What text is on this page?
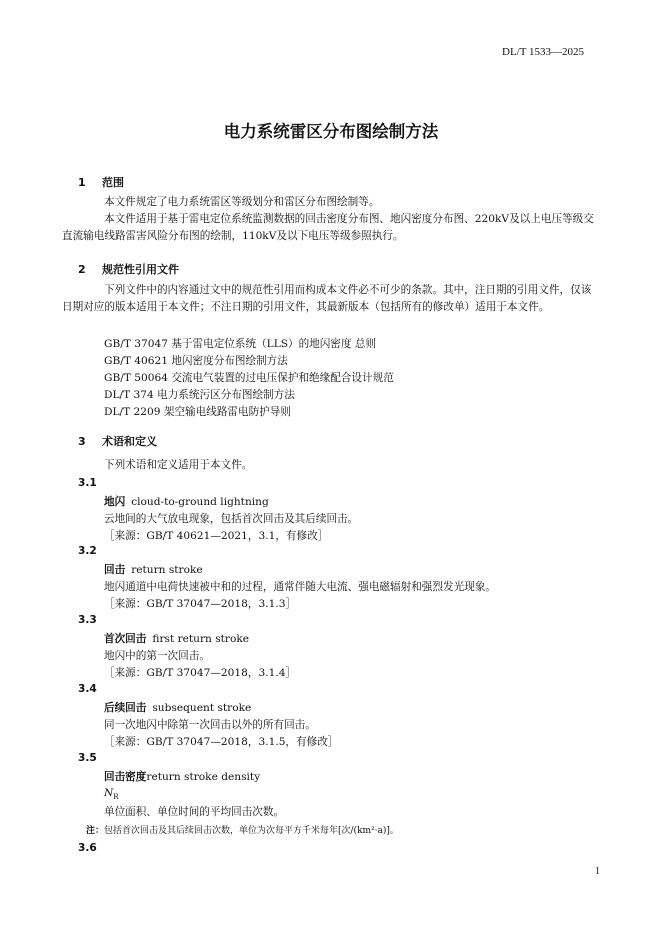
DL/T 1533—2025
电力系统雷区分布图绘制方法
1 范围
本文件规定了电力系统雷区等级划分和雷区分布图绘制等。
本文件适用于基于雷电定位系统监测数据的回击密度分布图、地闪密度分布图、220kV及以上电压等级交直流输电线路雷害风险分布图的绘制，110kV及以下电压等级参照执行。
2 规范性引用文件
下列文件中的内容通过文中的规范性引用而构成本文件必不可少的条款。其中，注日期的引用文件，仅该日期对应的版本适用于本文件；不注日期的引用文件，其最新版本（包括所有的修改单）适用于本文件。
GB/T 37047 基于雷电定位系统（LLS）的地闪密度 总则
GB/T 40621 地闪密度分布图绘制方法
GB/T 50064 交流电气装置的过电压保护和绝缘配合设计规范
DL/T 374 电力系统污区分布图绘制方法
DL/T 2209 架空输电线路雷电防护导则
3 术语和定义
下列术语和定义适用于本文件。
3.1
地闪 cloud-to-ground lightning
云地间的大气放电现象，包括首次回击及其后续回击。
［来源：GB/T 40621—2021，3.1，有修改］
3.2
回击 return stroke
地闪通道中电荷快速被中和的过程，通常伴随大电流、强电磁辐射和强烈发光现象。
［来源：GB/T 37047—2018，3.1.3］
3.3
首次回击 first return stroke
地闪中的第一次回击。
［来源：GB/T 37047—2018，3.1.4］
3.4
后续回击 subsequent stroke
同一次地闪中除第一次回击以外的所有回击。
［来源：GB/T 37047—2018，3.1.5，有修改］
3.5
回击密度return stroke density
$N_R$
单位面积、单位时间的平均回击次数。
注：包括首次回击及其后续回击次数，单位为次每平方千米每年[次/(km²·a)]。
3.6
1
